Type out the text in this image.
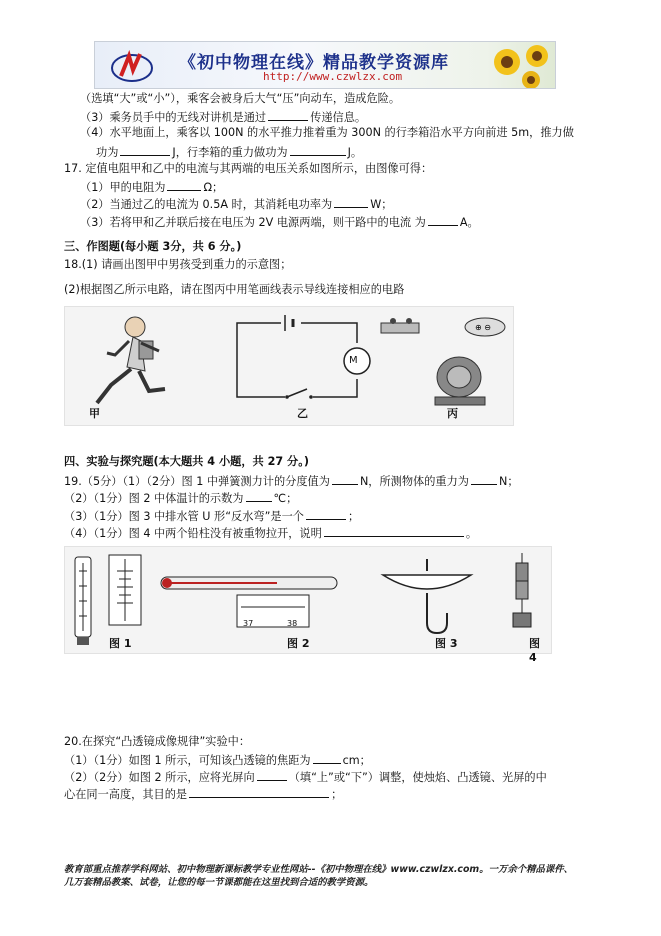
《初中物理在线》精品教学资源库
http://www.czwlzx.com
（选填“大”或“小”），乘客会被身后大气“压”向动车，造成危险。
（3）乘务员手中的无线对讲机是通过	传递信息。
（4）水平地面上，乘客以 100N 的水平推力推着重为 300N 的行李箱沿水平方向前进 5m，推力做
功为	J，行李箱的重力做功为	J。
17. 定值电阻甲和乙中的电流与其两端的电压关系如图所示，由图像可得：
（1）甲的电阻为	Ω；
（2）当通过乙的电流为 0.5A 时，其消耗电功率为	W；
（3）若将甲和乙并联后接在电压为 2V 电源两端，则干路中的电流 为	A。
三、作图题(每小题 3分，共 6 分。)
18.(1) 请画出图甲中男孩受到重力的示意图；
(2)根据图乙所示电路，请在图丙中用笔画线表示导线连接相应的电路
甲
M
乙
⊕ ⊖
丙
四、实验与探究题(本大题共 4 小题，共 27 分。)
19.（5分）（1）（2分）图 1 中弹簧测力计的分度值为	N，所测物体的重力为	N；
（2）（1分）图 2 中体温计的示数为	℃；
（3）（1分）图 3 中排水管 U 形“反水弯”是一个	；
（4）（1分）图 4 中两个铅柱没有被重物拉开，说明	。
图 1
37	38
图 2	图 3	图 4
20.在探究“凸透镜成像规律”实验中：
（1）（1分）如图 1 所示，可知该凸透镜的焦距为	cm；
（2）（2分）如图 2 所示，应将光屏向	（填“上”或“下”）调整，使烛焰、凸透镜、光屏的中
心在同一高度，其目的是	；
教育部重点推荐学科网站、初中物理新课标教学专业性网站--《初中物理在线》www.czwlzx.com。一万余个精品课件、
几万套精品教案、试卷，让您的每一节课都能在这里找到合适的教学资源。
